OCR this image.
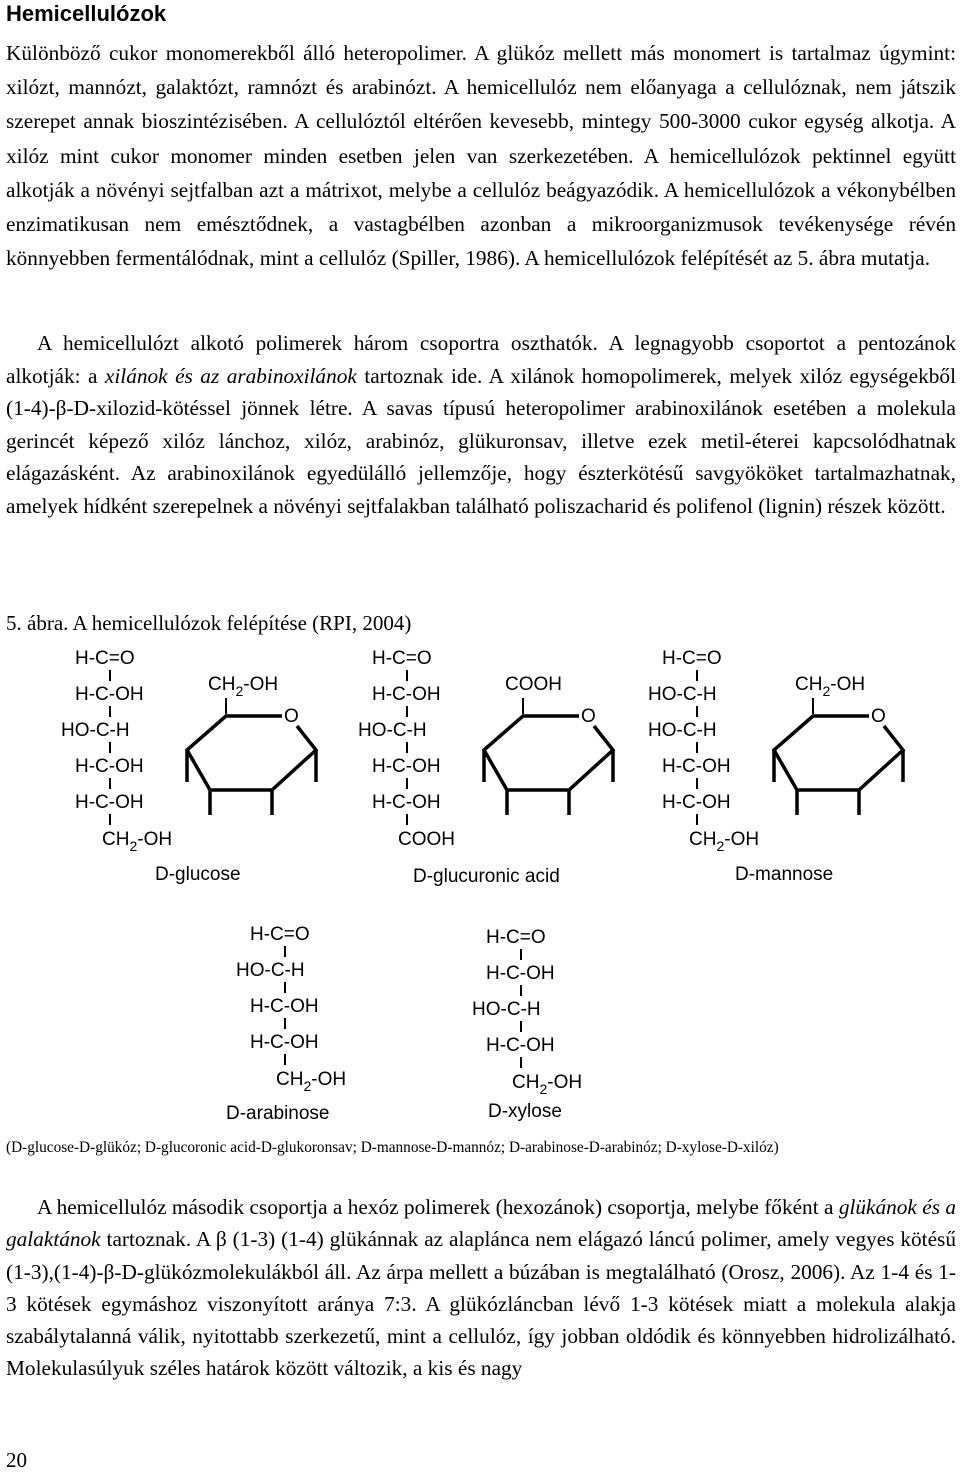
Hemicellulózok

Különböző cukor monomerekből álló heteropolimer. A glükóz mellett más monomert is tartalmaz úgymint: xilózt, mannózt, galaktózt, ramnózt és arabinózt. A hemicellulóz nem előanyaga a cellulóznak, nem játszik szerepet annak bioszintézisében. A cellulóztól eltérően kevesebb, mintegy 500-3000 cukor egység alkotja. A xilóz mint cukor monomer minden esetben jelen van szerkezetében. A hemicellulózok pektinnel együtt alkotják a növényi sejtfalban azt a mátrixot, melybe a cellulóz beágyazódik. A hemicellulózok a vékonybélben enzimatikusan nem emésztődnek, a vastagbélben azonban a mikroorganizmusok tevékenysége révén könnyebben fermentálódnak, mint a cellulóz (Spiller, 1986). A hemicellulózok felépítését az 5. ábra mutatja.

A hemicellulózt alkotó polimerek három csoportra oszthatók. A legnagyobb csoportot a pentozánok alkotják: a xilánok és az arabinoxilánok tartoznak ide. A xilánok homopolimerek, melyek xilóz egységekből (1-4)-β-D-xilozid-kötéssel jönnek létre. A savas típusú heteropolimer arabinoxilánok esetében a molekula gerincét képező xilóz lánchoz, xilóz, arabinóz, glükuronsav, illetve ezek metil-éterei kapcsolódhatnak elágazásként. Az arabinoxilánok egyedülálló jellemzője, hogy észterkötésű savgyököket tartalmazhatnak, amelyek hídként szerepelnek a növényi sejtfalakban található poliszacharid és polifenol (lignin) részek között.

5. ábra. A hemicellulózok felépítése (RPI, 2004)
H-C=O
H-C-OH
HO-C-H
H-C-OH
H-C-OH
$CH_2-OH$
$CH_2-OH$
O
H-C=O
H-C-OH
HO-C-H
H-C-OH
H-C-OH
COOH
COOH
O
H-C=O
HO-C-H
HO-C-H
H-C-OH
H-C-OH
$CH_2-OH$
$CH_2-OH$
O
D-glucose	D-glucuronic acid	D-mannose
H-C=O
HO-C-H
H-C-OH
H-C-OH
$CH_2-OH$
D-arabinose
H-C=O
H-C-OH
HO-C-H
H-C-OH
$CH_2-OH$
D-xylose
(D-glucose-D-glükóz; D-glucoronic acid-D-glukoronsav; D-mannose-D-mannóz; D-arabinose-D-arabinóz; D-xylose-D-xilóz)

A hemicellulóz második csoportja a hexóz polimerek (hexozánok) csoportja, melybe főként a glükánok és a galaktánok tartoznak. A β (1-3) (1-4) glükánnak az alaplánca nem elágazó láncú polimer, amely vegyes kötésű (1-3),(1-4)-β-D-glükózmolekulákból áll. Az árpa mellett a búzában is megtalálható (Orosz, 2006). Az 1-4 és 1-3 kötések egymáshoz viszonyított aránya 7:3. A glükózláncban lévő 1-3 kötések miatt a molekula alakja szabálytalanná válik, nyitottabb szerkezetű, mint a cellulóz, így jobban oldódik és könnyebben hidrolizálható. Molekulasúlyuk széles határok között változik, a kis és nagy

20
